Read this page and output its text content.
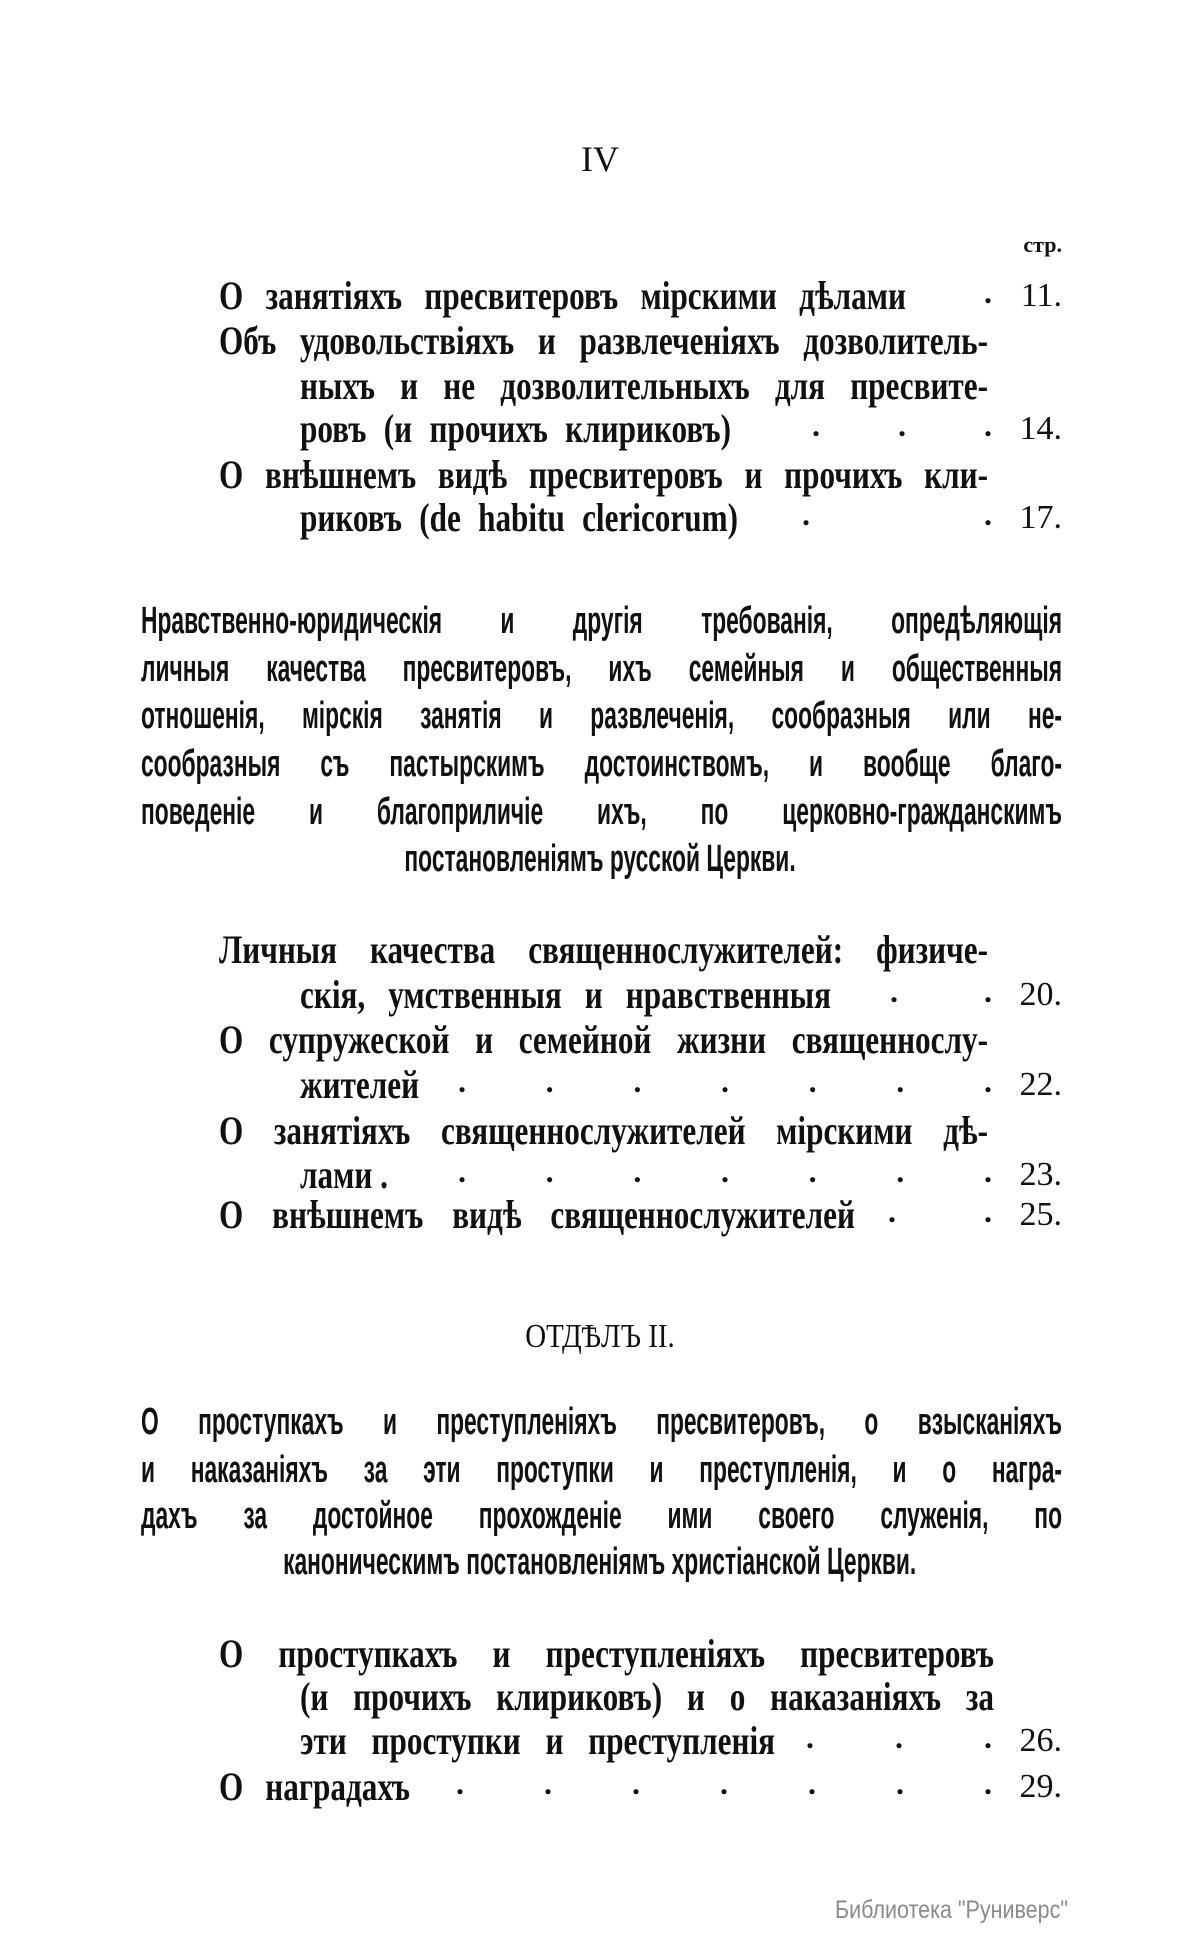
IV
стр.
ОТДѢЛЪ II.
Библиотека "Руниверс"
О занятіяхъ пресвитеровъ мірскими дѣлами	. 11.
Объ удовольствіяхъ и развлеченіяхъ дозволитель-
ныхъ и не дозволительныхъ для пресвите-
ровъ (и прочихъ клириковъ)	. . . 14.
О внѣшнемъ видѣ пресвитеровъ и прочихъ кли-
риковъ (de habitu clericorum)	.	. 17.
Нравственно-юридическія и другія требованія, опредѣляющія
личныя качества пресвитеровъ, ихъ семейныя и общественныя
отношенія, мірскія занятія и развлеченія, сообразныя или не-
сообразныя съ пастырскимъ достоинствомъ, и вообще благо-
поведеніе и благоприличіе ихъ, по церковно-гражданскимъ
постановленіямъ русской Церкви.
Личныя качества священнослужителей: физиче-
скія, умственныя и нравственныя	.	. 20.
О супружеской и семейной жизни священнослу-
жителей	. . . . . . . 22.
О занятіяхъ священнослужителей мірскими дѣ-
лами .	. . . . . . . 23.
О внѣшнемъ видѣ священнослужителей	.	. 25.
О проступкахъ и преступленіяхъ пресвитеровъ, о взысканіяхъ
и наказаніяхъ за эти проступки и преступленія, и о награ-
дахъ за достойное прохожденіе ими своего служенія, по
каноническимъ постановленіямъ христіанской Церкви.
О проступкахъ и преступленіяхъ пресвитеровъ
(и прочихъ клириковъ) и о наказаніяхъ за
эти проступки и преступленія .	.	. 26.
О наградахъ	.	.	.	.	.	.	. 29.
